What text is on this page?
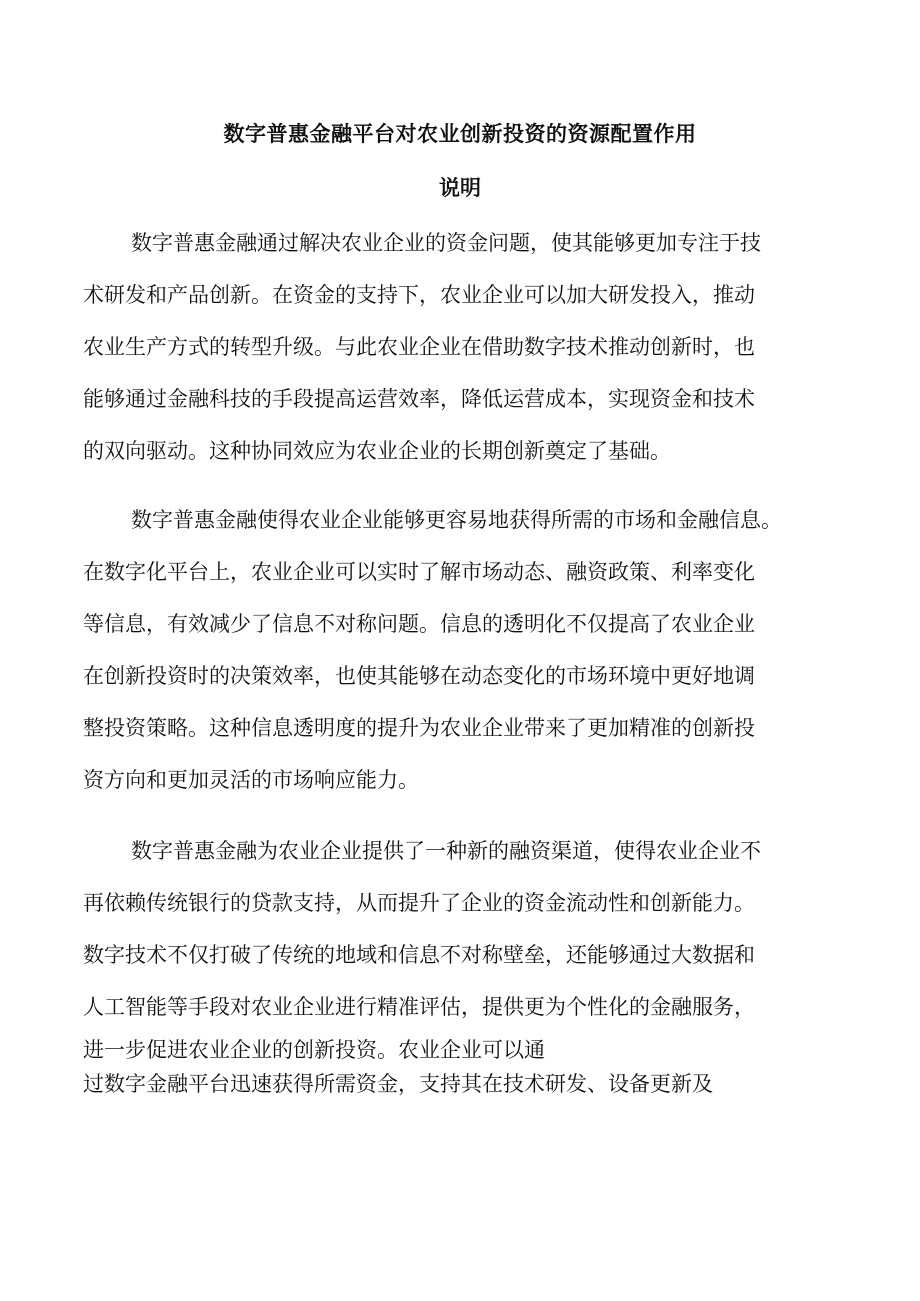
数字普惠金融平台对农业创新投资的资源配置作用
说明
数字普惠金融通过解决农业企业的资金问题，使其能够更加专注于技
术研发和产品创新。在资金的支持下，农业企业可以加大研发投入，推动
农业生产方式的转型升级。与此农业企业在借助数字技术推动创新时，也
能够通过金融科技的手段提高运营效率，降低运营成本，实现资金和技术
的双向驱动。这种协同效应为农业企业的长期创新奠定了基础。
数字普惠金融使得农业企业能够更容易地获得所需的市场和金融信息。
在数字化平台上，农业企业可以实时了解市场动态、融资政策、利率变化
等信息，有效减少了信息不对称问题。信息的透明化不仅提高了农业企业
在创新投资时的决策效率，也使其能够在动态变化的市场环境中更好地调
整投资策略。这种信息透明度的提升为农业企业带来了更加精准的创新投
资方向和更加灵活的市场响应能力。
数字普惠金融为农业企业提供了一种新的融资渠道，使得农业企业不
再依赖传统银行的贷款支持，从而提升了企业的资金流动性和创新能力。
数字技术不仅打破了传统的地域和信息不对称壁垒，还能够通过大数据和
人工智能等手段对农业企业进行精准评估，提供更为个性化的金融服务，
进一步促进农业企业的创新投资。农业企业可以通
过数字金融平台迅速获得所需资金，支持其在技术研发、设备更新及
